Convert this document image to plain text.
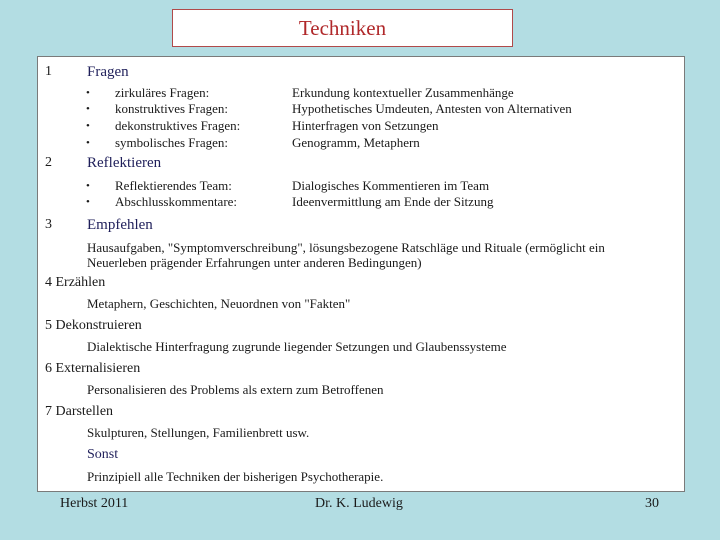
Techniken
1 Fragen
• zirkuläres Fragen:	Erkundung kontextueller Zusammenhänge
• konstruktives Fragen:	Hypothetisches Umdeuten, Antesten von Alternativen
• dekonstruktives Fragen:	Hinterfragen von Setzungen
• symbolisches Fragen:	Genogramm, Metaphern
2 Reflektieren
• Reflektierendes Team:	Dialogisches Kommentieren im Team
• Abschlusskommentare:	Ideenvermittlung am Ende der Sitzung
3 Empfehlen
Hausaufgaben, "Symptomverschreibung", lösungsbezogene Ratschläge und Rituale (ermöglicht ein
Neuerleben prägender Erfahrungen unter anderen Bedingungen)
4 Erzählen
Metaphern, Geschichten, Neuordnen von "Fakten"
5 Dekonstruieren
Dialektische Hinterfragung zugrunde liegender Setzungen und Glaubenssysteme
6 Externalisieren
Personalisieren des Problems als extern zum Betroffenen
7 Darstellen
Skulpturen, Stellungen, Familienbrett usw.
Sonst
Prinzipiell alle Techniken der bisherigen Psychotherapie.
Herbst 2011	Dr. K. Ludewig	30
